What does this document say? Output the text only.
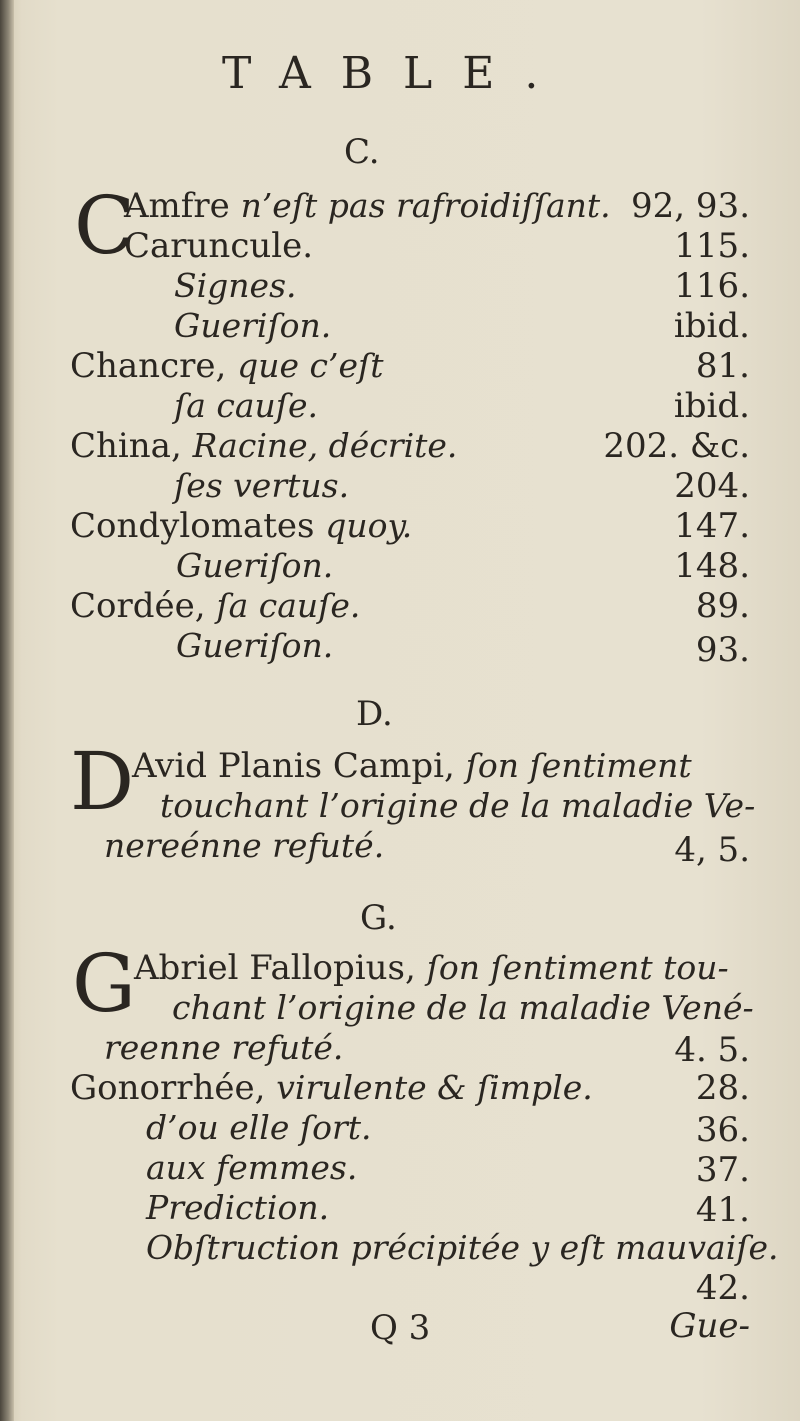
TABLE.
C.
C
Amfre n’eſt pas rafroidiſſant. 92, 93.
Caruncule.	115.
Signes.	116.
Gueriſon.	ibid.
Chancre, que c’eſt	81.
ſa cauſe.	ibid.
China, Racine, décrite.	202. &c.
ſes vertus.	204.
Condylomates quoy.	147.
Gueriſon.	148.
Cordée, ſa cauſe.	89.
Gueriſon.	93.
D.
D
Avid Planis Campi, ſon ſentiment
touchant l’origine de la maladie Ve-
nereénne refuté.	4, 5.
G.
G
Abriel Fallopius, ſon ſentiment tou-
chant l’origine de la maladie Vené-
reenne refuté.	4. 5.
Gonorrhée, virulente & ſimple.	28.
d’ou elle ſort.	36.
aux femmes.	37.
Prediction.	41.
Obſtruction précipitée y eſt mauvaiſe.
42.
Q 3	Gue-
